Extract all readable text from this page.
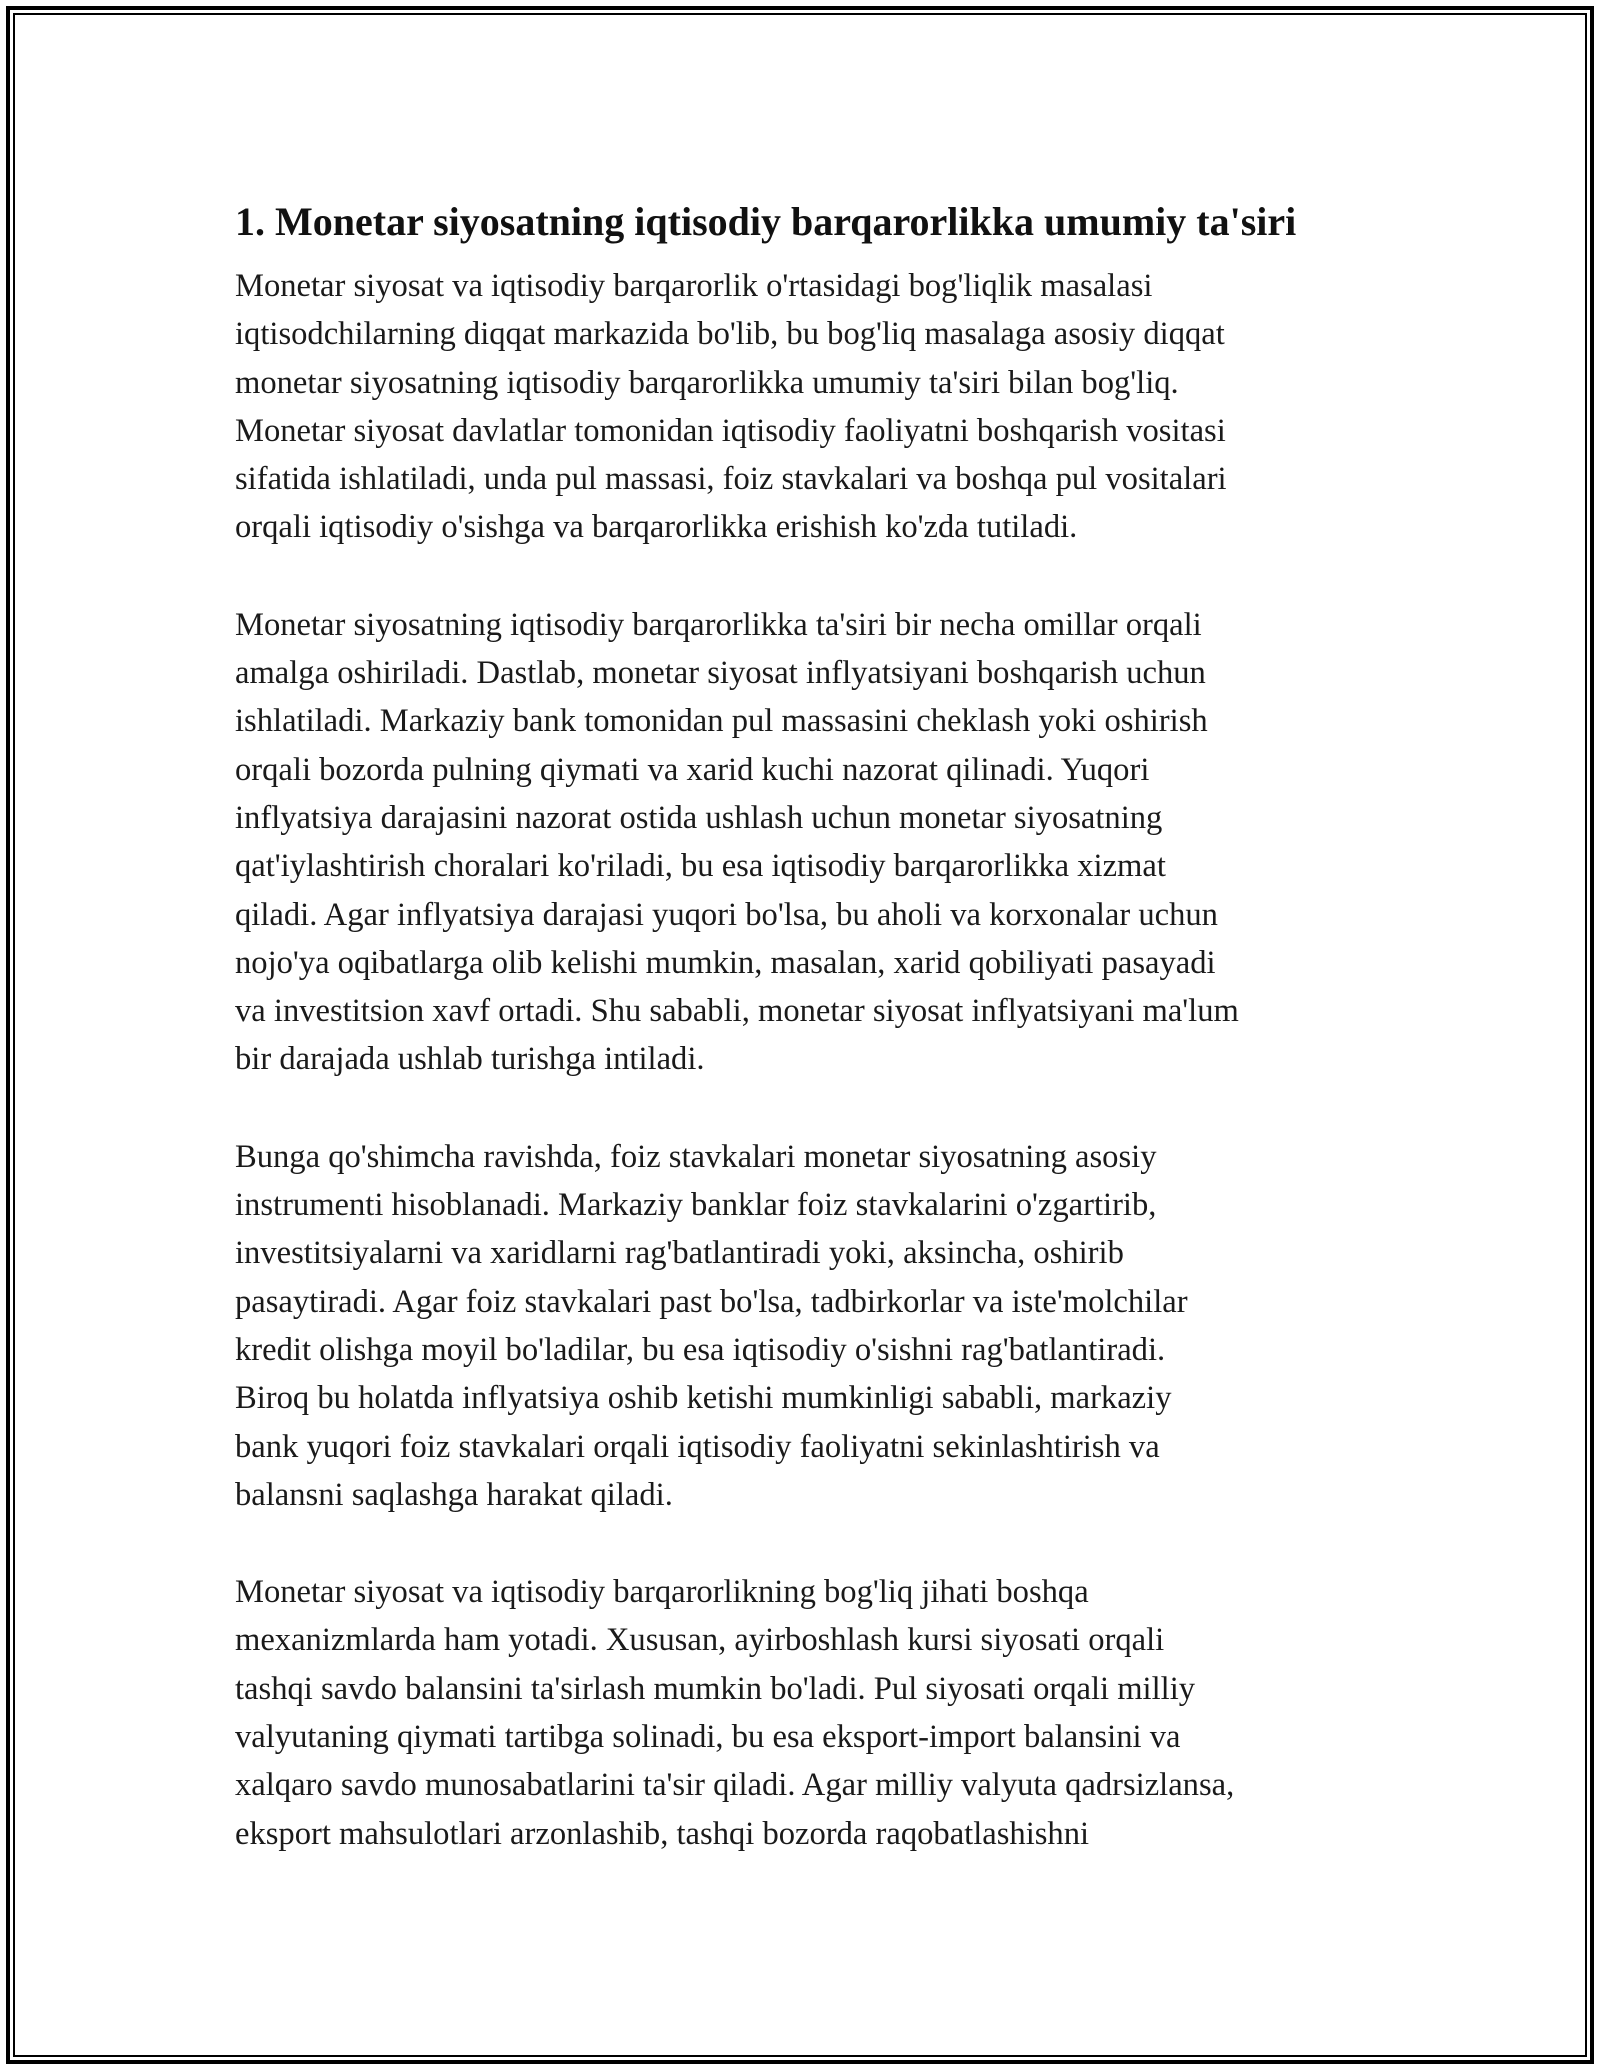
1. Monetar siyosatning iqtisodiy barqarorlikka umumiy ta'siri

Monetar siyosat va iqtisodiy barqarorlik o'rtasidagi bog'liqlik masalasi
iqtisodchilarning diqqat markazida bo'lib, bu bog'liq masalaga asosiy diqqat
monetar siyosatning iqtisodiy barqarorlikka umumiy ta'siri bilan bog'liq.
Monetar siyosat davlatlar tomonidan iqtisodiy faoliyatni boshqarish vositasi
sifatida ishlatiladi, unda pul massasi, foiz stavkalari va boshqa pul vositalari
orqali iqtisodiy o'sishga va barqarorlikka erishish ko'zda tutiladi.

Monetar siyosatning iqtisodiy barqarorlikka ta'siri bir necha omillar orqali
amalga oshiriladi. Dastlab, monetar siyosat inflyatsiyani boshqarish uchun
ishlatiladi. Markaziy bank tomonidan pul massasini cheklash yoki oshirish
orqali bozorda pulning qiymati va xarid kuchi nazorat qilinadi. Yuqori
inflyatsiya darajasini nazorat ostida ushlash uchun monetar siyosatning
qat'iylashtirish choralari ko'riladi, bu esa iqtisodiy barqarorlikka xizmat
qiladi. Agar inflyatsiya darajasi yuqori bo'lsa, bu aholi va korxonalar uchun
nojo'ya oqibatlarga olib kelishi mumkin, masalan, xarid qobiliyati pasayadi
va investitsion xavf ortadi. Shu sababli, monetar siyosat inflyatsiyani ma'lum
bir darajada ushlab turishga intiladi.

Bunga qo'shimcha ravishda, foiz stavkalari monetar siyosatning asosiy
instrumenti hisoblanadi. Markaziy banklar foiz stavkalarini o'zgartirib,
investitsiyalarni va xaridlarni rag'batlantiradi yoki, aksincha, oshirib
pasaytiradi. Agar foiz stavkalari past bo'lsa, tadbirkorlar va iste'molchilar
kredit olishga moyil bo'ladilar, bu esa iqtisodiy o'sishni rag'batlantiradi.
Biroq bu holatda inflyatsiya oshib ketishi mumkinligi sababli, markaziy
bank yuqori foiz stavkalari orqali iqtisodiy faoliyatni sekinlashtirish va
balansni saqlashga harakat qiladi.

Monetar siyosat va iqtisodiy barqarorlikning bog'liq jihati boshqa
mexanizmlarda ham yotadi. Xususan, ayirboshlash kursi siyosati orqali
tashqi savdo balansini ta'sirlash mumkin bo'ladi. Pul siyosati orqali milliy
valyutaning qiymati tartibga solinadi, bu esa eksport-import balansini va
xalqaro savdo munosabatlarini ta'sir qiladi. Agar milliy valyuta qadrsizlansa,
eksport mahsulotlari arzonlashib, tashqi bozorda raqobatlashishni
